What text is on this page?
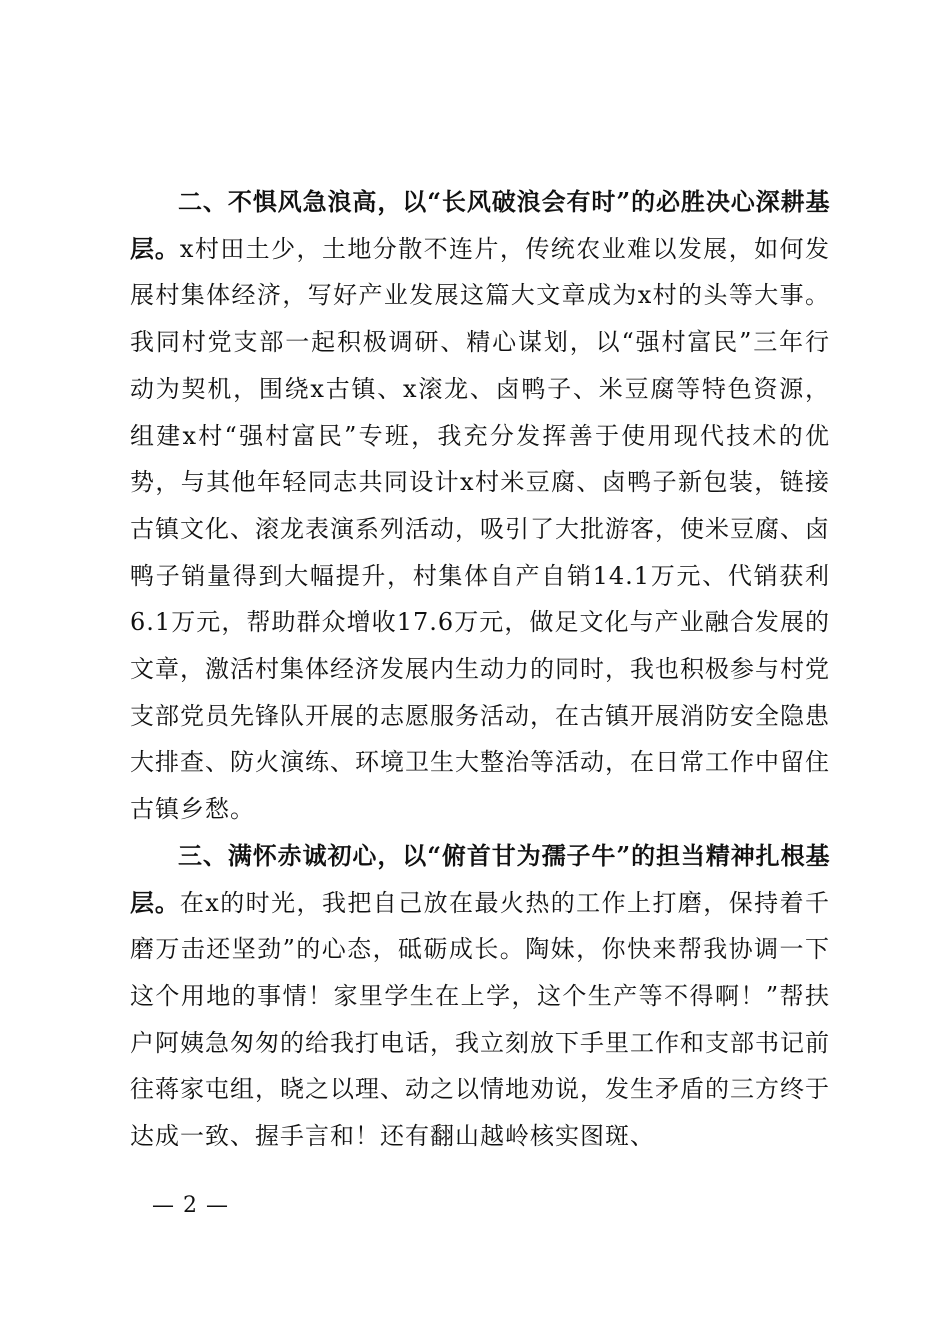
二、不惧风急浪高，以“长风破浪会有时”的必胜决心深耕基层。x村田土少，土地分散不连片，传统农业难以发展，如何发展村集体经济，写好产业发展这篇大文章成为x村的头等大事。我同村党支部一起积极调研、精心谋划，以“强村富民”三年行动为契机，围绕x古镇、x滚龙、卤鸭子、米豆腐等特色资源，组建x村“强村富民”专班，我充分发挥善于使用现代技术的优势，与其他年轻同志共同设计x村米豆腐、卤鸭子新包装，链接古镇文化、滚龙表演系列活动，吸引了大批游客，使米豆腐、卤鸭子销量得到大幅提升，村集体自产自销14.1万元、代销获利6.1万元，帮助群众增收17.6万元，做足文化与产业融合发展的文章，激活村集体经济发展内生动力的同时，我也积极参与村党支部党员先锋队开展的志愿服务活动，在古镇开展消防安全隐患大排查、防火演练、环境卫生大整治等活动，在日常工作中留住古镇乡愁。

三、满怀赤诚初心，以“俯首甘为孺子牛”的担当精神扎根基层。在x的时光，我把自己放在最火热的工作上打磨，保持着千磨万击还坚劲”的心态，砥砺成长。陶妹，你快来帮我协调一下这个用地的事情！家里学生在上学，这个生产等不得啊！”帮扶户阿姨急匆匆的给我打电话，我立刻放下手里工作和支部书记前往蒋家屯组，晓之以理、动之以情地劝说，发生矛盾的三方终于达成一致、握手言和！还有翻山越岭核实图斑、

— 2 —
